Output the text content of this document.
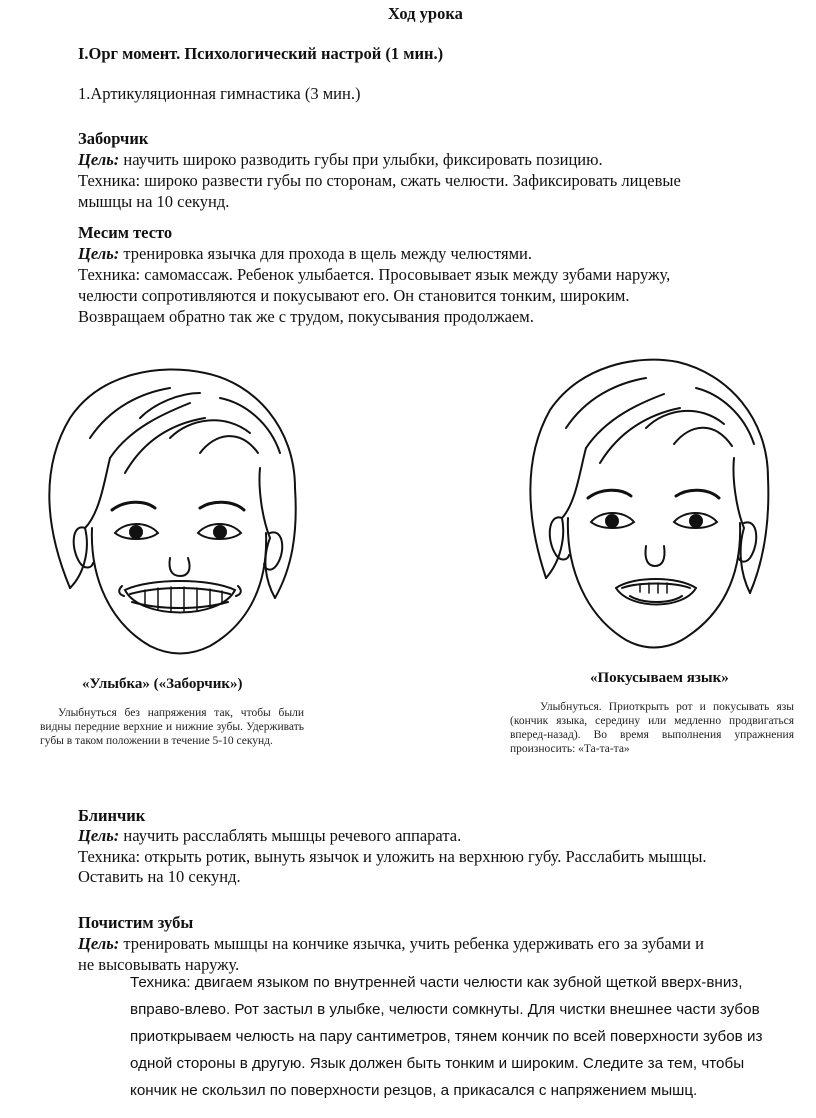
Ход урока
I.Орг момент. Психологический настрой (1 мин.)
1.Артикуляционная гимнастика (3 мин.)
Заборчик
Цель: научить широко разводить губы при улыбки, фиксировать позицию.
Техника: широко развести губы по сторонам, сжать челюсти. Зафиксировать лицевые
мышцы на 10 секунд.
Месим тесто
Цель: тренировка язычка для прохода в щель между челюстями.
Техника: самомассаж. Ребенок улыбается. Просовывает язык между зубами наружу,
челюсти сопротивляются и покусывают его. Он становится тонким, широким.
Возвращаем обратно так же с трудом, покусывания продолжаем.
«Улыбка» («Заборчик»)
Улыбнуться без напряжения так, чтобы были видны передние верхние и нижние зубы. Удерживать губы в таком положении в течение 5-10 секунд.
«Покусываем язык»
Улыбнуться. Приоткрыть рот и покусывать язы (кончик языка, середину или медленно продвигаться вперед-назад). Во время выполнения упражнения произносить: «Та-та-та»
Блинчик
Цель: научить расслаблять мышцы речевого аппарата.
Техника: открыть ротик, вынуть язычок и уложить на верхнюю губу. Расслабить мышцы.
Оставить на 10 секунд.
Почистим зубы
Цель: тренировать мышцы на кончике язычка, учить ребенка удерживать его за зубами и
не высовывать наружу.
Техника: двигаем языком по внутренней части челюсти как зубной щеткой вверх-вниз,
вправо-влево. Рот застыл в улыбке, челюсти сомкнуты. Для чистки внешнее части зубов
приоткрываем челюсть на пару сантиметров, тянем кончик по всей поверхности зубов из
одной стороны в другую. Язык должен быть тонким и широким. Следите за тем, чтобы
кончик не скользил по поверхности резцов, а прикасался с напряжением мышц.
